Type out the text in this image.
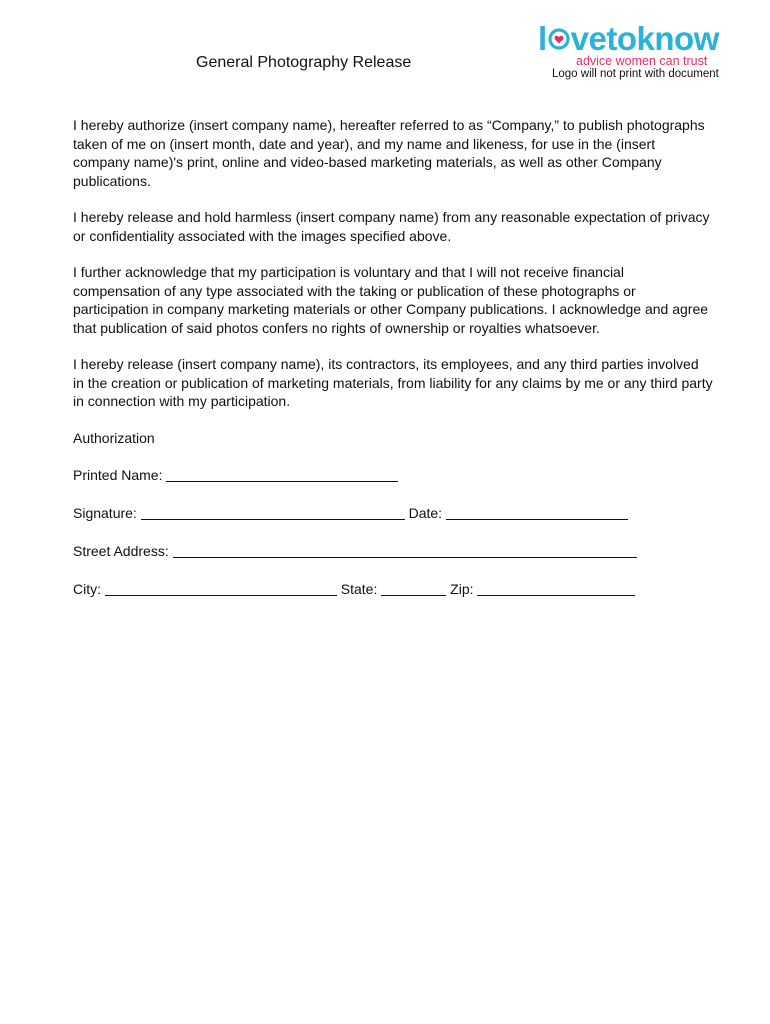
l vetoknow
advice women can trust
Logo will not print with document
General Photography Release

I hereby authorize (insert company name), hereafter referred to as “Company,” to publish photographs taken of me on (insert month, date and year), and my name and likeness, for use in the (insert company name)'s print, online and video-based marketing materials, as well as other Company publications.

I hereby release and hold harmless (insert company name) from any reasonable expectation of privacy or confidentiality associated with the images specified above.

I further acknowledge that my participation is voluntary and that I will not receive financial compensation of any type associated with the taking or publication of these photographs or participation in company marketing materials or other Company publications. I acknowledge and agree that publication of said photos confers no rights of ownership or royalties whatsoever.

I hereby release (insert company name), its contractors, its employees, and any third parties involved in the creation or publication of marketing materials, from liability for any claims by me or any third party in connection with my participation.

Authorization

Printed Name:
Signature:	Date:
Street Address:
City:	State:	Zip:
